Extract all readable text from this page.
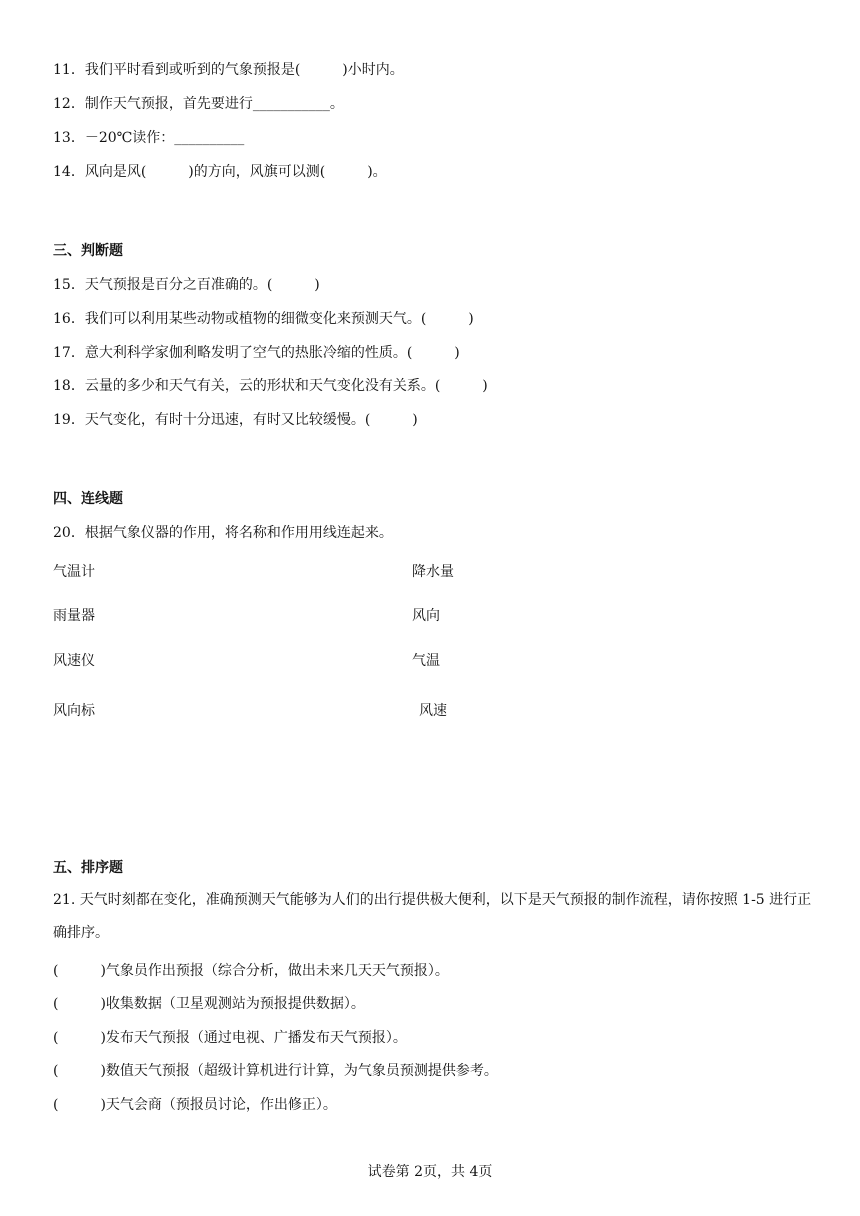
11．我们平时看到或听到的气象预报是(　　　)小时内。
12．制作天气预报，首先要进行___________。
13．－20℃读作：__________
14．风向是风(　　　)的方向，风旗可以测(　　　)。
三、判断题
15．天气预报是百分之百准确的。(　　　)
16．我们可以利用某些动物或植物的细微变化来预测天气。(　　　)
17．意大利科学家伽利略发明了空气的热胀冷缩的性质。(　　　)
18．云量的多少和天气有关，云的形状和天气变化没有关系。(　　　)
19．天气变化，有时十分迅速，有时又比较缓慢。(　　　)
四、连线题
20．根据气象仪器的作用，将名称和作用用线连起来。
气温计
雨量器
风速仪
风向标
降水量
风向
气温
风速
五、排序题
21. 天气时刻都在变化，准确预测天气能够为人们的出行提供极大便利，以下是天气预报的制作流程，请你按照 1-5 进行正确排序。
(　　　)气象员作出预报（综合分析，做出未来几天天气预报）。
(　　　)收集数据（卫星观测站为预报提供数据）。
(　　　)发布天气预报（通过电视、广播发布天气预报）。
(　　　)数值天气预报（超级计算机进行计算，为气象员预测提供参考。
(　　　)天气会商（预报员讨论，作出修正）。
试卷第 2页，共 4页
